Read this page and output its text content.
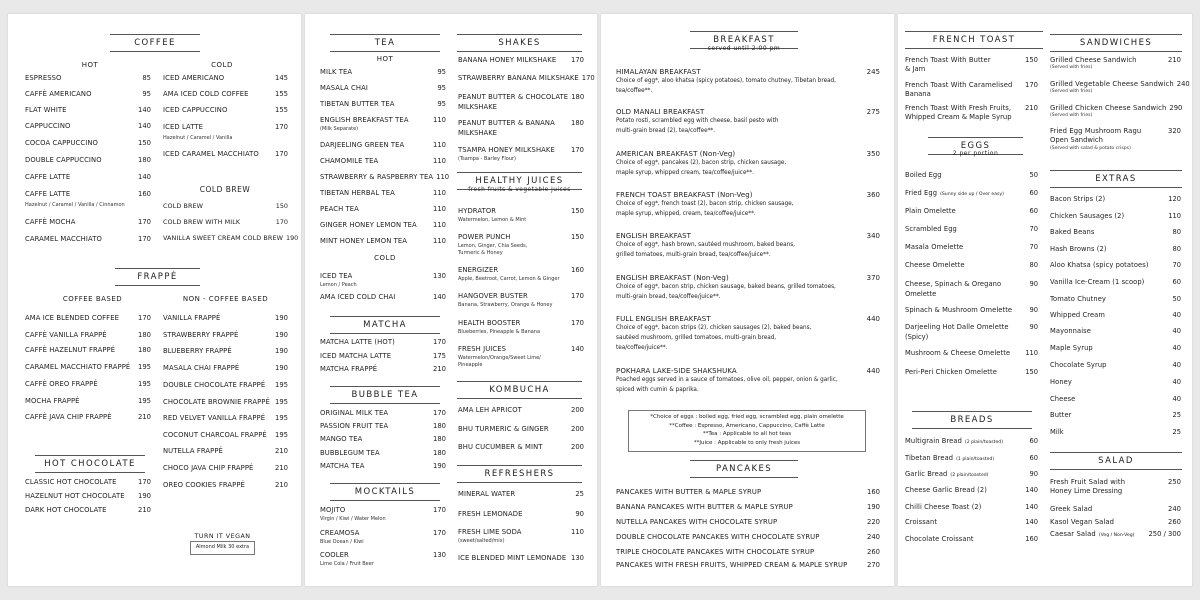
COFFEE
HOT	COLD
ESPRESSO	85
CAFFÈ AMERICANO	95
FLAT WHITE	140
CAPPUCCINO	140
COCOA CAPPUCCINO	150
DOUBLE CAPPUCCINO	180
CAFFE LATTE	140
CAFFE LATTE	160
Hazelnut / Caramel / Vanilla / Cinnamon
CAFFÈ MOCHA	170
CARAMEL MACCHIATO	170
ICED AMERICANO	145
AMA ICED COLD COFFEE	155
ICED CAPPUCCINO	155
ICED LATTE	170
Hazelnut / Caramel / Vanilla
ICED CARAMEL MACCHIATO	170
COLD BREW
COLD BREW	150
COLD BREW WITH MILK	170
VANILLA SWEET CREAM COLD BREW 190
FRAPPÉ
COFFEE BASED	NON - COFFEE BASED
AMA ICE BLENDED COFFEE	170
CAFFÈ VANILLA FRAPPÉ	180
CAFFÈ HAZELNUT FRAPPÉ	180
CARAMEL MACCHIATO FRAPPÉ	195
CAFFÈ OREO FRAPPÉ	195
MOCHA FRAPPÉ	195
CAFFÈ JAVA CHIP FRAPPÉ	210
VANILLA FRAPPÉ	190
STRAWBERRY FRAPPÉ	190
BLUEBERRY FRAPPÉ	190
MASALA CHAI FRAPPÉ	190
DOUBLE CHOCOLATE FRAPPÉ	195
CHOCOLATE BROWNIE FRAPPÉ 195
RED VELVET VANILLA FRAPPÉ	195
COCONUT CHARCOAL FRAPPÉ	195
NUTELLA FRAPPÉ	210
CHOCO JAVA CHIP FRAPPÉ	210
OREO COOKIES FRAPPÉ	210
HOT CHOCOLATE
CLASSIC HOT CHOCOLATE	170
HAZELNUT HOT CHOCOLATE	190
DARK HOT CHOCOLATE	210
TURN IT VEGAN
Almond Milk 30 extra
TEA
HOT
MILK TEA	95
MASALA CHAI	95
TIBETAN BUTTER TEA	95
ENGLISH BREAKFAST TEA	110
(Milk Separate)
DARJEELING GREEN TEA	110
CHAMOMILE TEA	110
STRAWBERRY & RASPBERRY TEA 110
TIBETAN HERBAL TEA	110
PEACH TEA	110
GINGER HONEY LEMON TEA	110
MINT HONEY LEMON TEA	110
COLD
ICED TEA	130
Lemon / Peach
AMA ICED COLD CHAI	140
MATCHA
MATCHA LATTE (HOT)	170
ICED MATCHA LATTE	175
MATCHA FRAPPÉ	210
BUBBLE TEA
ORIGINAL MILK TEA	170
PASSION FRUIT TEA	180
MANGO TEA	180
BUBBLEGUM TEA	180
MATCHA TEA	190
MOCKTAILS
MOJITO	170
Virgin / Kiwi / Water Melon
CREAMOSA	170
Blue Ocean / Kiwi
COOLER	130
Lime Cola / Fruit Beer
SHAKES
BANANA HONEY MILKSHAKE	170
STRAWBERRY BANANA MILKSHAKE 170
PEANUT BUTTER & CHOCOLATE 180
MILKSHAKE
PEANUT BUTTER & BANANA	180
MILKSHAKE
TSAMPA HONEY MILKSHAKE	170
(Tsampa - Barley Flour)
HEALTHY JUICES
fresh fruits & vegetable juices
HYDRATOR	150
Watermelon, Lemon & Mint
POWER PUNCH	150
Lemon, Ginger, Chia Seeds,
Turmeric & Honey
ENERGIZER	160
Apple, Beetroot, Carrot, Lemon & Ginger
HANGOVER BUSTER	170
Banana, Strawberry, Orange & Honey
HEALTH BOOSTER	170
Blueberries, Pineapple & Banana
FRESH JUICES	140
Watermelon/Orange/Sweet Lime/
Pineapple
KOMBUCHA
AMA LEH APRICOT	200
BHU TURMERIC & GINGER	200
BHU CUCUMBER & MINT	200
REFRESHERS
MINERAL WATER	25
FRESH LEMONADE	90
FRESH LIME SODA	110
(sweet/salted/mix)
ICE BLENDED MINT LEMONADE 130
BREAKFAST
served until 2:00 pm
HIMALAYAN BREAKFAST	245
Choice of egg*, aloo khatsa (spicy potatoes), tomato chutney, Tibetan bread,
tea/coffee**.
OLD MANALI BREAKFAST	275
Potato rosti, scrambled egg with cheese, basil pesto with
multi-grain bread (2), tea/coffee**.
AMERICAN BREAKFAST (Non-Veg)	350
Choice of egg*, pancakes (2), bacon strip, chicken sausage,
maple syrup, whipped cream, tea/coffee/juice**.
FRENCH TOAST BREAKFAST (Non-Veg)	360
Choice of egg*, french toast (2), bacon strip, chicken sausage,
maple syrup, whipped, cream, tea/coffee/juice**.
ENGLISH BREAKFAST	340
Choice of egg*, hash brown, sautéed mushroom, baked beans,
grilled tomatoes, multi-grain bread, tea/coffee/juice**.
ENGLISH BREAKFAST (Non-Veg)	370
Choice of egg*, bacon strip, chicken sausage, baked beans, grilled tomatoes,
multi-grain bread, tea/coffee/juice**.
FULL ENGLISH BREAKFAST	440
Choice of egg*, bacon strips (2), chicken sausages (2), baked beans,
sautéed mushroom, grilled tomatoes, multi-grain bread,
tea/coffee/juice**.
POKHARA LAKE-SIDE SHAKSHUKA	440
Poached eggs served in a sauce of tomatoes, olive oil, pepper, onion & garlic,
spiced with cumin & paprika.
*Choice of eggs : boiled egg, fried egg, scrambled egg, plain omelette
**Coffee : Espresso, Americano, Cappuccino, Caffè Latte
**Tea : Applicable to all hot teas
**Juice : Applicable to only fresh juices
PANCAKES
PANCAKES WITH BUTTER & MAPLE SYRUP	160
BANANA PANCAKES WITH BUTTER & MAPLE SYRUP	190
NUTELLA PANCAKES WITH CHOCOLATE SYRUP	220
DOUBLE CHOCOLATE PANCAKES WITH CHOCOLATE SYRUP	240
TRIPLE CHOCOLATE PANCAKES WITH CHOCOLATE SYRUP	260
PANCAKES WITH FRESH FRUITS, WHIPPED CREAM & MAPLE SYRUP	270
FRENCH TOAST
French Toast With Butter	150
& Jam
French Toast With Caramelised	170
Banana
French Toast With Fresh Fruits,	210
Whipped Cream & Maple Syrup
EGGS
2 per portion
Boiled Egg	50
Fried Egg (Sunny side up / Over easy)	60
Plain Omelette	60
Scrambled Egg	70
Masala Omelette	70
Cheese Omelette	80
Cheese, Spinach & Oregano	90
Omelette
Spinach & Mushroom Omelette	90
Darjeeling Hot Dalle Omelette	90
(Spicy)
Mushroom & Cheese Omelette	110
Peri-Peri Chicken Omelette	150
BREADS
Multigrain Bread (2 plain/toasted)	60
Tibetan Bread (1 plain/toasted)	60
Garlic Bread (2 plain/toasted)	90
Cheese Garlic Bread (2)	140
Chilli Cheese Toast (2)	140
Croissant	140
Chocolate Croissant	160
SANDWICHES
Grilled Cheese Sandwich	210
(Served with fries)
Grilled Vegetable Cheese Sandwich 240
(Served with fries)
Grilled Chicken Cheese Sandwich 290
(Served with fries)
Fried Egg Mushroom Ragu	320
Open Sandwich
(Served with salad & potato crisps)
EXTRAS
Bacon Strips (2)	120
Chicken Sausages (2)	110
Baked Beans	80
Hash Browns (2)	80
Aloo Khatsa (spicy potatoes)	70
Vanilla Ice-Cream (1 scoop)	60
Tomato Chutney	50
Whipped Cream	40
Mayonnaise	40
Maple Syrup	40
Chocolate Syrup	40
Honey	40
Cheese	40
Butter	25
Milk	25
SALAD
Fresh Fruit Salad with	250
Honey Lime Dressing
Greek Salad	240
Kasol Vegan Salad	260
Caesar Salad (Veg / Non-Veg)	250 / 300
